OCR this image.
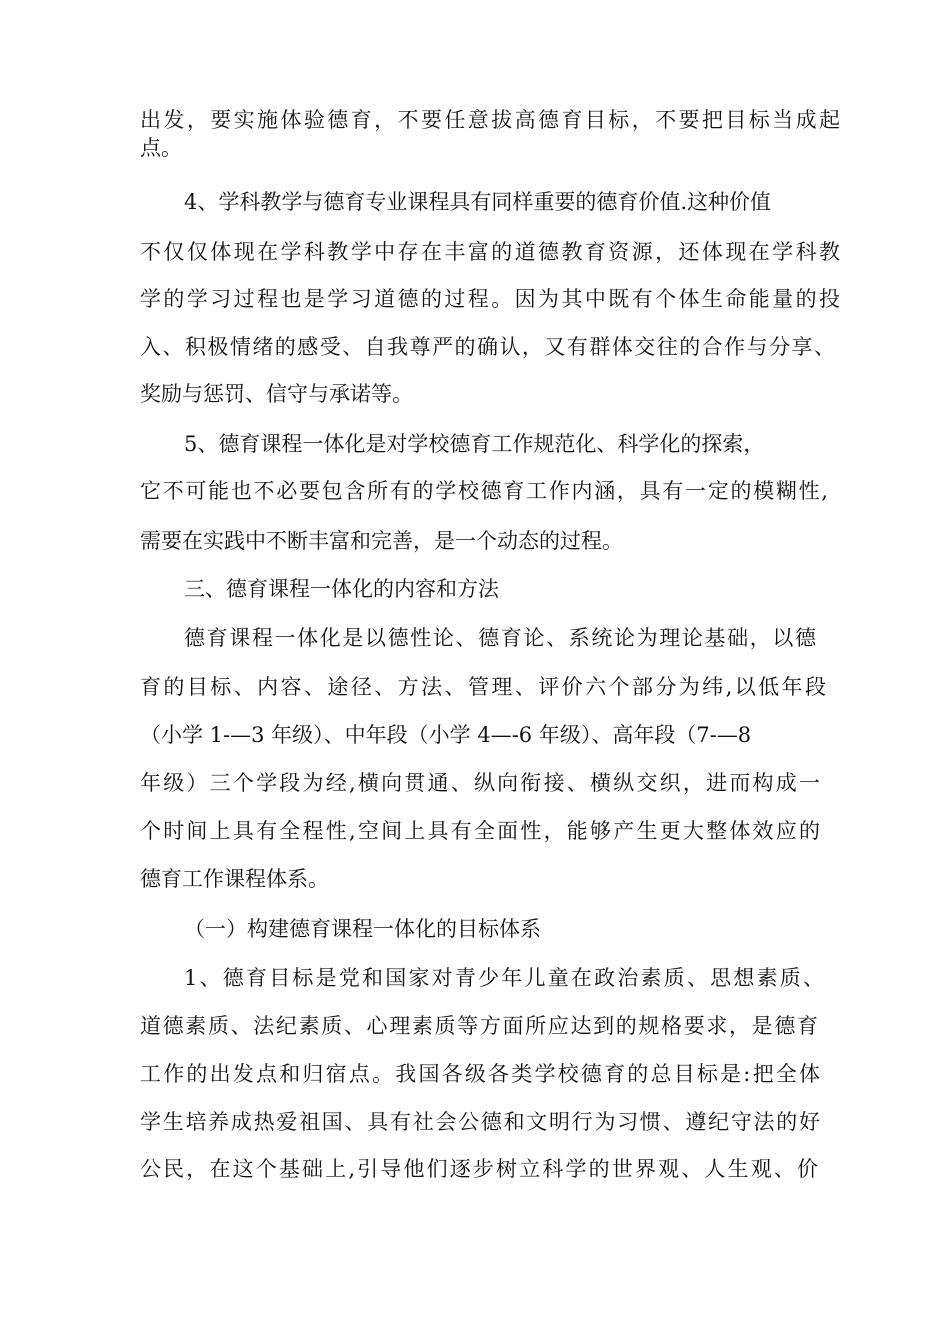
出发，要实施体验德育，不要任意拔高德育目标，不要把目标当成起
点。
4、学科教学与德育专业课程具有同样重要的德育价值.这种价值
不仅仅体现在学科教学中存在丰富的道德教育资源，还体现在学科教
学的学习过程也是学习道德的过程。因为其中既有个体生命能量的投
入、积极情绪的感受、自我尊严的确认，又有群体交往的合作与分享、
奖励与惩罚、信守与承诺等。
5、德育课程一体化是对学校德育工作规范化、科学化的探索，
它不可能也不必要包含所有的学校德育工作内涵，具有一定的模糊性,
需要在实践中不断丰富和完善，是一个动态的过程。
三、德育课程一体化的内容和方法
德育课程一体化是以德性论、德育论、系统论为理论基础，以德
育的目标、内容、途径、方法、管理、评价六个部分为纬,以低年段
（小学 1-—3 年级）、中年段（小学 4—-6 年级）、高年段（7-—8
年级）三个学段为经,横向贯通、纵向衔接、横纵交织，进而构成一
个时间上具有全程性,空间上具有全面性，能够产生更大整体效应的
德育工作课程体系。
（一）构建德育课程一体化的目标体系
1、德育目标是党和国家对青少年儿童在政治素质、思想素质、
道德素质、法纪素质、心理素质等方面所应达到的规格要求，是德育
工作的出发点和归宿点。我国各级各类学校德育的总目标是:把全体
学生培养成热爱祖国、具有社会公德和文明行为习惯、遵纪守法的好
公民，在这个基础上,引导他们逐步树立科学的世界观、人生观、价
